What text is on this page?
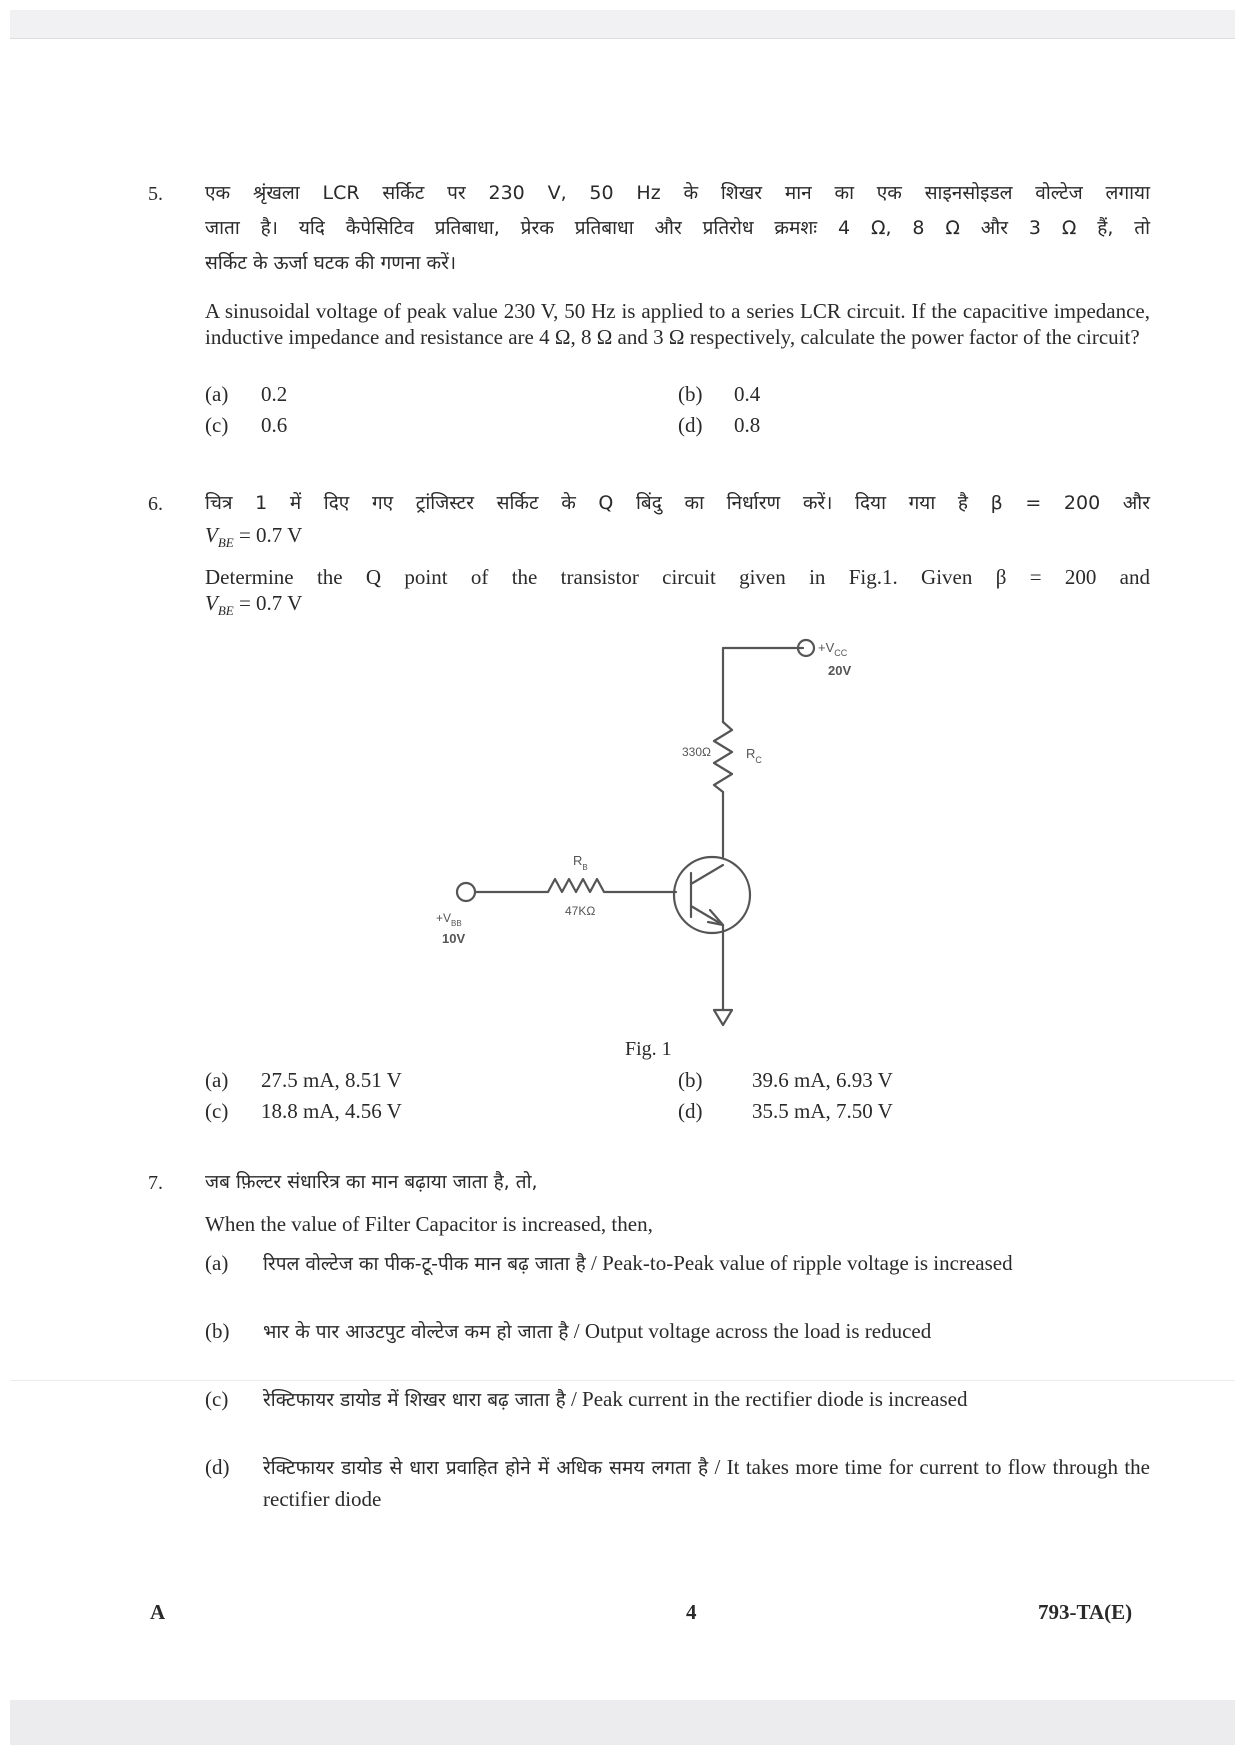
5. एक श्रृंखला LCR सर्किट पर 230 V, 50 Hz के शिखर मान का एक साइनसोइडल वोल्टेज लगाया
जाता है। यदि कैपेसिटिव प्रतिबाधा, प्रेरक प्रतिबाधा और प्रतिरोध क्रमशः 4 Ω, 8 Ω और 3 Ω हैं, तो
सर्किट के ऊर्जा घटक की गणना करें।
A sinusoidal voltage of peak value 230 V, 50 Hz is applied to a series LCR circuit. If the capacitive impedance, inductive impedance and resistance are 4 Ω, 8 Ω and 3 Ω respectively, calculate the power factor of the circuit?
(a) 0.2	(b) 0.4
(c) 0.6	(d) 0.8
6. चित्र 1 में दिए गए ट्रांजिस्टर सर्किट के Q बिंदु का निर्धारण करें। दिया गया है β = 200 और
$V_{BE} = 0.7$ V
Determine the Q point of the transistor circuit given in Fig.1. Given β = 200 and
$V_{BE} = 0.7$ V
$+V_{CC}$
20V
330Ω	$R_C$
$R_B$
47KΩ
$+V_{BB}$
10V
Fig. 1
(a) 27.5 mA, 8.51 V	(b) 39.6 mA, 6.93 V
(c) 18.8 mA, 4.56 V	(d) 35.5 mA, 7.50 V
7. जब फ़िल्टर संधारित्र का मान बढ़ाया जाता है, तो,
When the value of Filter Capacitor is increased, then,
(a) रिपल वोल्टेज का पीक-टू-पीक मान बढ़ जाता है / Peak-to-Peak value of ripple voltage is increased
(b) भार के पार आउटपुट वोल्टेज कम हो जाता है / Output voltage across the load is reduced
(c) रेक्टिफायर डायोड में शिखर धारा बढ़ जाता है / Peak current in the rectifier diode is increased
(d) रेक्टिफायर डायोड से धारा प्रवाहित होने में अधिक समय लगता है / It takes more time for current to flow through the rectifier diode
A	4	793-TA(E)
